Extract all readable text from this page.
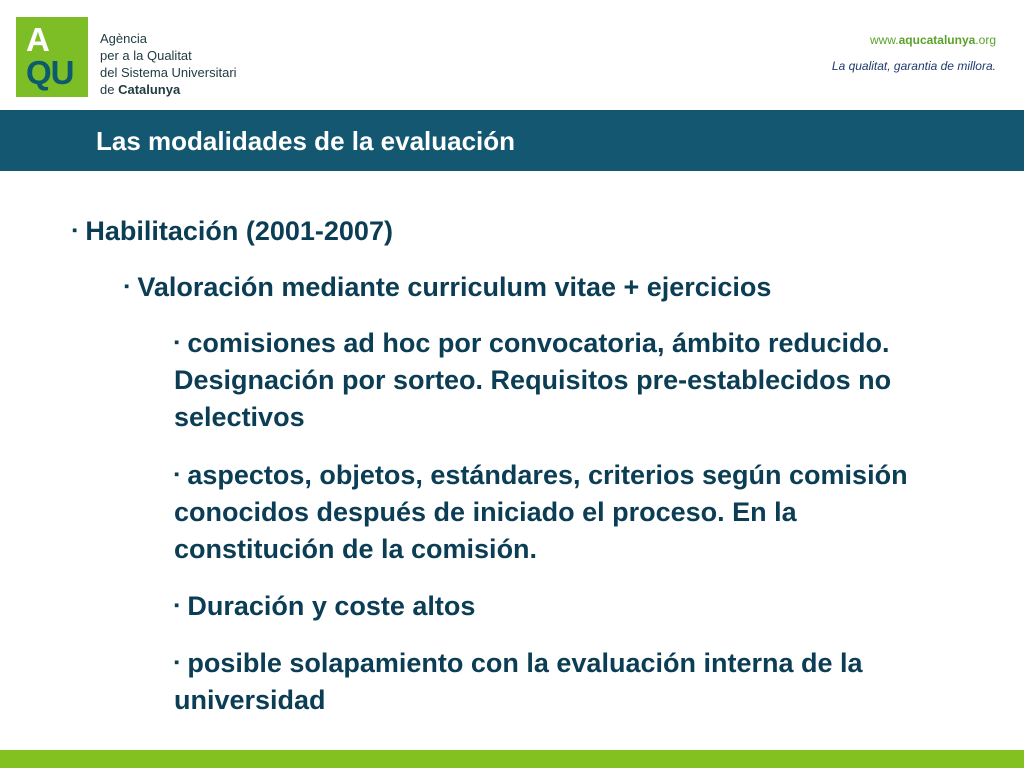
A
QU
Agència
per a la Qualitat
del Sistema Universitari
de Catalunya
www.aqucatalunya.org
La qualitat, garantia de millora.
Las modalidades de la evaluación
▪ Habilitación (2001-2007)
▪ Valoración mediante curriculum vitae + ejercicios
▪ comisiones ad hoc por convocatoria, ámbito reducido. Designación por sorteo. Requisitos pre-establecidos no selectivos
▪ aspectos, objetos, estándares, criterios según comisión conocidos después de iniciado el proceso. En la constitución de la comisión.
▪ Duración y coste altos
▪ posible solapamiento con la evaluación interna de la universidad
